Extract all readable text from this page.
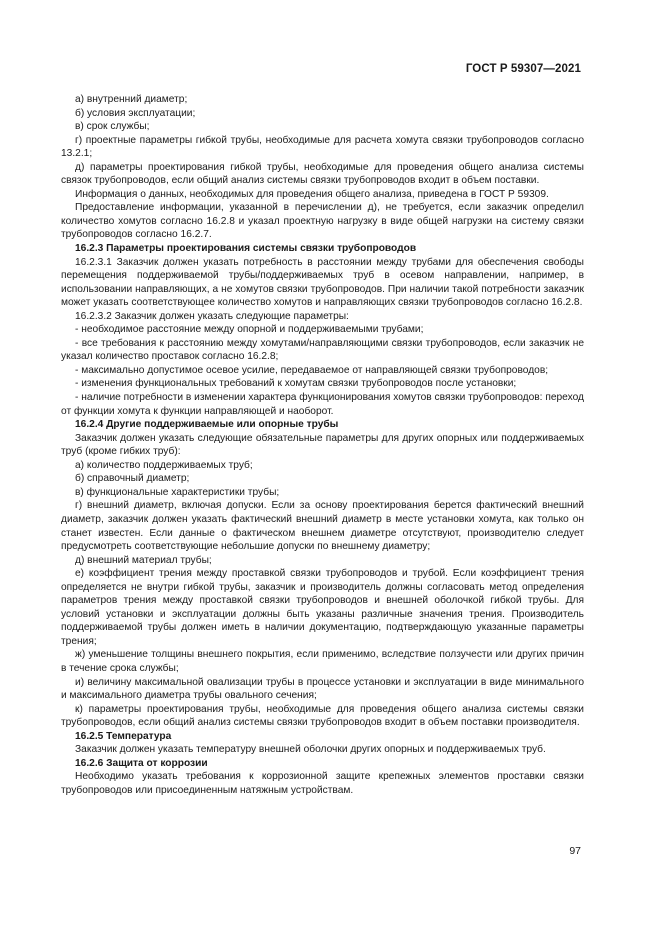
ГОСТ Р 59307—2021

а) внутренний диаметр;

б) условия эксплуатации;

в) срок службы;

г) проектные параметры гибкой трубы, необходимые для расчета хомута связки трубопроводов согласно 13.2.1;

д) параметры проектирования гибкой трубы, необходимые для проведения общего анализа системы связок трубопроводов, если общий анализ системы связки трубопроводов входит в объем поставки.

Информация о данных, необходимых для проведения общего анализа, приведена в ГОСТ Р 59309.

Предоставление информации, указанной в перечислении д), не требуется, если заказчик определил количество хомутов согласно 16.2.8 и указал проектную нагрузку в виде общей нагрузки на систему связки трубопроводов согласно 16.2.7.

16.2.3 Параметры проектирования системы связки трубопроводов

16.2.3.1 Заказчик должен указать потребность в расстоянии между трубами для обеспечения свободы перемещения поддерживаемой трубы/поддерживаемых труб в осевом направлении, например, в использовании направляющих, а не хомутов связки трубопроводов. При наличии такой потребности заказчик может указать соответствующее количество хомутов и направляющих связки трубопроводов согласно 16.2.8.

16.2.3.2 Заказчик должен указать следующие параметры:

- необходимое расстояние между опорной и поддерживаемыми трубами;

- все требования к расстоянию между хомутами/направляющими связки трубопроводов, если заказчик не указал количество проставок согласно 16.2.8;

- максимально допустимое осевое усилие, передаваемое от направляющей связки трубопроводов;

- изменения функциональных требований к хомутам связки трубопроводов после установки;

- наличие потребности в изменении характера функционирования хомутов связки трубопроводов: переход от функции хомута к функции направляющей и наоборот.

16.2.4 Другие поддерживаемые или опорные трубы

Заказчик должен указать следующие обязательные параметры для других опорных или поддерживаемых труб (кроме гибких труб):

а) количество поддерживаемых труб;

б) справочный диаметр;

в) функциональные характеристики трубы;

г) внешний диаметр, включая допуски. Если за основу проектирования берется фактический внешний диаметр, заказчик должен указать фактический внешний диаметр в месте установки хомута, как только он станет известен. Если данные о фактическом внешнем диаметре отсутствуют, производителю следует предусмотреть соответствующие небольшие допуски по внешнему диаметру;

д) внешний материал трубы;

е) коэффициент трения между проставкой связки трубопроводов и трубой. Если коэффициент трения определяется не внутри гибкой трубы, заказчик и производитель должны согласовать метод определения параметров трения между проставкой связки трубопроводов и внешней оболочкой гибкой трубы. Для условий установки и эксплуатации должны быть указаны различные значения трения. Производитель поддерживаемой трубы должен иметь в наличии документацию, подтверждающую указанные параметры трения;

ж) уменьшение толщины внешнего покрытия, если применимо, вследствие ползучести или других причин в течение срока службы;

и) величину максимальной овализации трубы в процессе установки и эксплуатации в виде минимального и максимального диаметра трубы овального сечения;

к) параметры проектирования трубы, необходимые для проведения общего анализа системы связки трубопроводов, если общий анализ системы связки трубопроводов входит в объем поставки производителя.

16.2.5 Температура

Заказчик должен указать температуру внешней оболочки других опорных и поддерживаемых труб.

16.2.6 Защита от коррозии

Необходимо указать требования к коррозионной защите крепежных элементов проставки связки трубопроводов или присоединенным натяжным устройствам.

97
